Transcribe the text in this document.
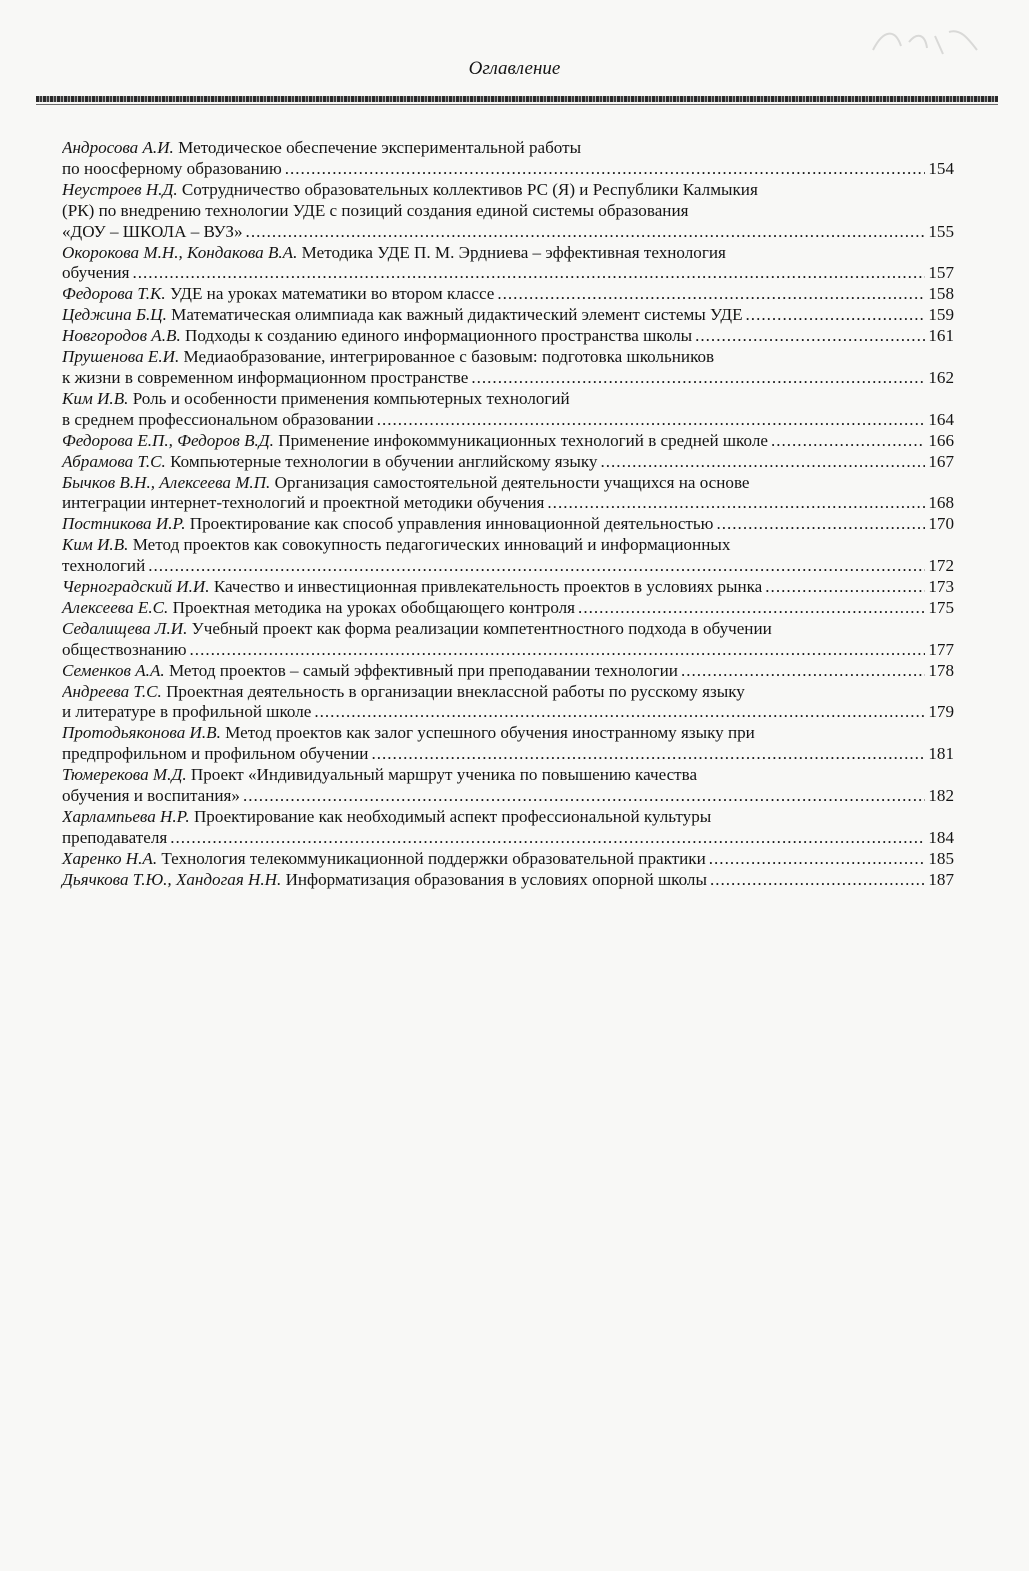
Оглавление
Андросова А.И. Методическое обеспечение экспериментальной работы
по ноосферному образованию .....	154
Неустроев Н.Д. Сотрудничество образовательных коллективов РС (Я) и Республики Калмыкия
(РК) по внедрению технологии УДЕ с позиций создания единой системы образования
«ДОУ – ШКОЛА – ВУЗ» .....	155
Окорокова М.Н., Кондакова В.А. Методика УДЕ П. М. Эрдниева – эффективная технология
обучения .....	157
Федорова Т.К. УДЕ на уроках математики во втором классе .....	158
Цеджина Б.Ц. Математическая олимпиада как важный дидактический элемент системы УДЕ .....	159
Новгородов А.В. Подходы к созданию единого информационного пространства школы .....	161
Прушенова Е.И. Медиаобразование, интегрированное с базовым: подготовка школьников
к жизни в современном информационном пространстве .....	162
Ким И.В. Роль и особенности применения компьютерных технологий
в среднем профессиональном образовании .....	164
Федорова Е.П., Федоров В.Д. Применение инфокоммуникационных технологий в средней школе .....	166
Абрамова Т.С. Компьютерные технологии в обучении английскому языку .....	167
Бычков В.Н., Алексеева М.П. Организация самостоятельной деятельности учащихся на основе
интеграции интернет-технологий и проектной методики обучения .....	168
Постникова И.Р. Проектирование как способ управления инновационной деятельностью .....	170
Ким И.В. Метод проектов как совокупность педагогических инноваций и информационных
технологий .....	172
Черноградский И.И. Качество и инвестиционная привлекательность проектов в условиях рынка .....	173
Алексеева Е.С. Проектная методика на уроках обобщающего контроля .....	175
Седалищева Л.И. Учебный проект как форма реализации компетентностного подхода в обучении
обществознанию .....	177
Семенков А.А. Метод проектов – самый эффективный при преподавании технологии .....	178
Андреева Т.С. Проектная деятельность в организации внеклассной работы по русскому языку
и литературе в профильной школе .....	179
Протодьяконова И.В. Метод проектов как залог успешного обучения иностранному языку при
предпрофильном и профильном обучении .....	181
Тюмерекова М.Д. Проект «Индивидуальный маршрут ученика по повышению качества
обучения и воспитания» .....	182
Харлампьева Н.Р. Проектирование как необходимый аспект профессиональной культуры
преподавателя .....	184
Харенко Н.А. Технология телекоммуникационной поддержки образовательной практики .....	185
Дьячкова Т.Ю., Хандогая Н.Н. Информатизация образования в условиях опорной школы .....	187
